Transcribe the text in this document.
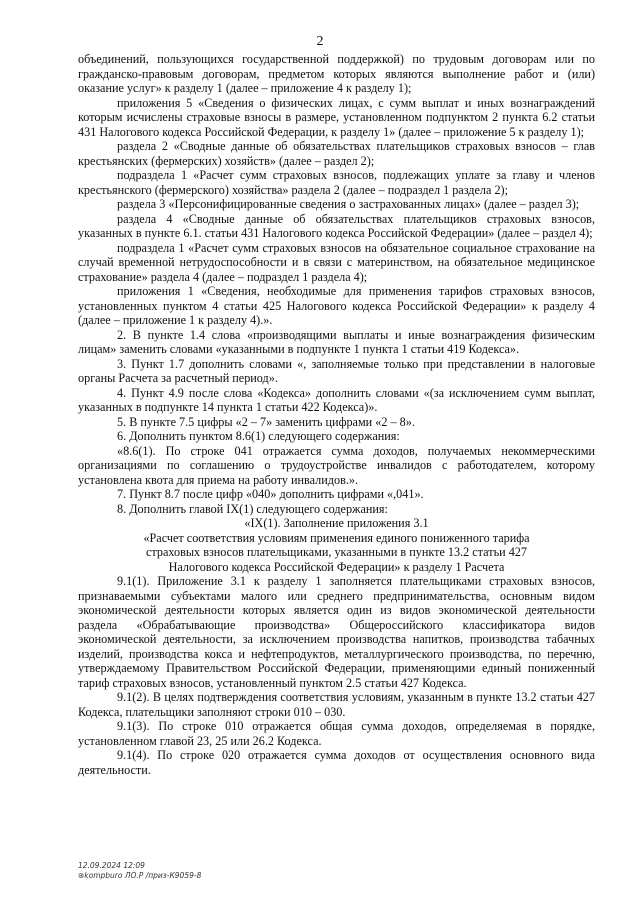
2

объединений, пользующихся государственной поддержкой) по трудовым договорам или по гражданско-правовым договорам, предметом которых являются выполнение работ и (или) оказание услуг» к разделу 1 (далее – приложение 4 к разделу 1);

приложения 5 «Сведения о физических лицах, с сумм выплат и иных вознаграждений которым исчислены страховые взносы в размере, установленном подпунктом 2 пункта 6.2 статьи 431 Налогового кодекса Российской Федерации, к разделу 1» (далее – приложение 5 к разделу 1);

раздела 2 «Сводные данные об обязательствах плательщиков страховых взносов – глав крестьянских (фермерских) хозяйств» (далее – раздел 2);

подраздела 1 «Расчет сумм страховых взносов, подлежащих уплате за главу и членов крестьянского (фермерского) хозяйства» раздела 2 (далее – подраздел 1 раздела 2);

раздела 3 «Персонифицированные сведения о застрахованных лицах» (далее – раздел 3);

раздела 4 «Сводные данные об обязательствах плательщиков страховых взносов, указанных в пункте 6.1. статьи 431 Налогового кодекса Российской Федерации» (далее – раздел 4);

подраздела 1 «Расчет сумм страховых взносов на обязательное социальное страхование на случай временной нетрудоспособности и в связи с материнством, на обязательное медицинское страхование» раздела 4 (далее – подраздел 1 раздела 4);

приложения 1 «Сведения, необходимые для применения тарифов страховых взносов, установленных пунктом 4 статьи 425 Налогового кодекса Российской Федерации» к разделу 4 (далее – приложение 1 к разделу 4).».

2. В пункте 1.4 слова «производящими выплаты и иные вознаграждения физическим лицам» заменить словами «указанными в подпункте 1 пункта 1 статьи 419 Кодекса».

3. Пункт 1.7 дополнить словами «, заполняемые только при представлении в налоговые органы Расчета за расчетный период».

4. Пункт 4.9 после слова «Кодекса» дополнить словами «(за исключением сумм выплат, указанных в подпункте 14 пункта 1 статьи 422 Кодекса)».

5. В пункте 7.5 цифры «2 – 7» заменить цифрами «2 – 8».

6. Дополнить пунктом 8.6(1) следующего содержания:

«8.6(1). По строке 041 отражается сумма доходов, получаемых некоммерческими организациями по соглашению о трудоустройстве инвалидов с работодателем, которому установлена квота для приема на работу инвалидов.».

7. Пункт 8.7 после цифр «040» дополнить цифрами «,041».

8. Дополнить главой IX(1) следующего содержания:

«IX(1). Заполнение приложения 3.1

«Расчет соответствия условиям применения единого пониженного тарифа

страховых взносов плательщиками, указанными в пункте 13.2 статьи 427

Налогового кодекса Российской Федерации» к разделу 1 Расчета

9.1(1). Приложение 3.1 к разделу 1 заполняется плательщиками страховых взносов, признаваемыми субъектами малого или среднего предпринимательства, основным видом экономической деятельности которых является один из видов экономической деятельности раздела «Обрабатывающие производства» Общероссийского классификатора видов экономической деятельности, за исключением производства напитков, производства табачных изделий, производства кокса и нефтепродуктов, металлургического производства, по перечню, утверждаемому Правительством Российской Федерации, применяющими единый пониженный тариф страховых взносов, установленный пунктом 2.5 статьи 427 Кодекса.

9.1(2). В целях подтверждения соответствия условиям, указанным в пункте 13.2 статьи 427 Кодекса, плательщики заполняют строки 010 – 030.

9.1(3). По строке 010 отражается общая сумма доходов, определяемая в порядке, установленном главой 23, 25 или 26.2 Кодекса.

9.1(4). По строке 020 отражается сумма доходов от осуществления основного вида деятельности.

12.09.2024 12:09
⊛kompburo ЛО.Р /приз-К9059-8
